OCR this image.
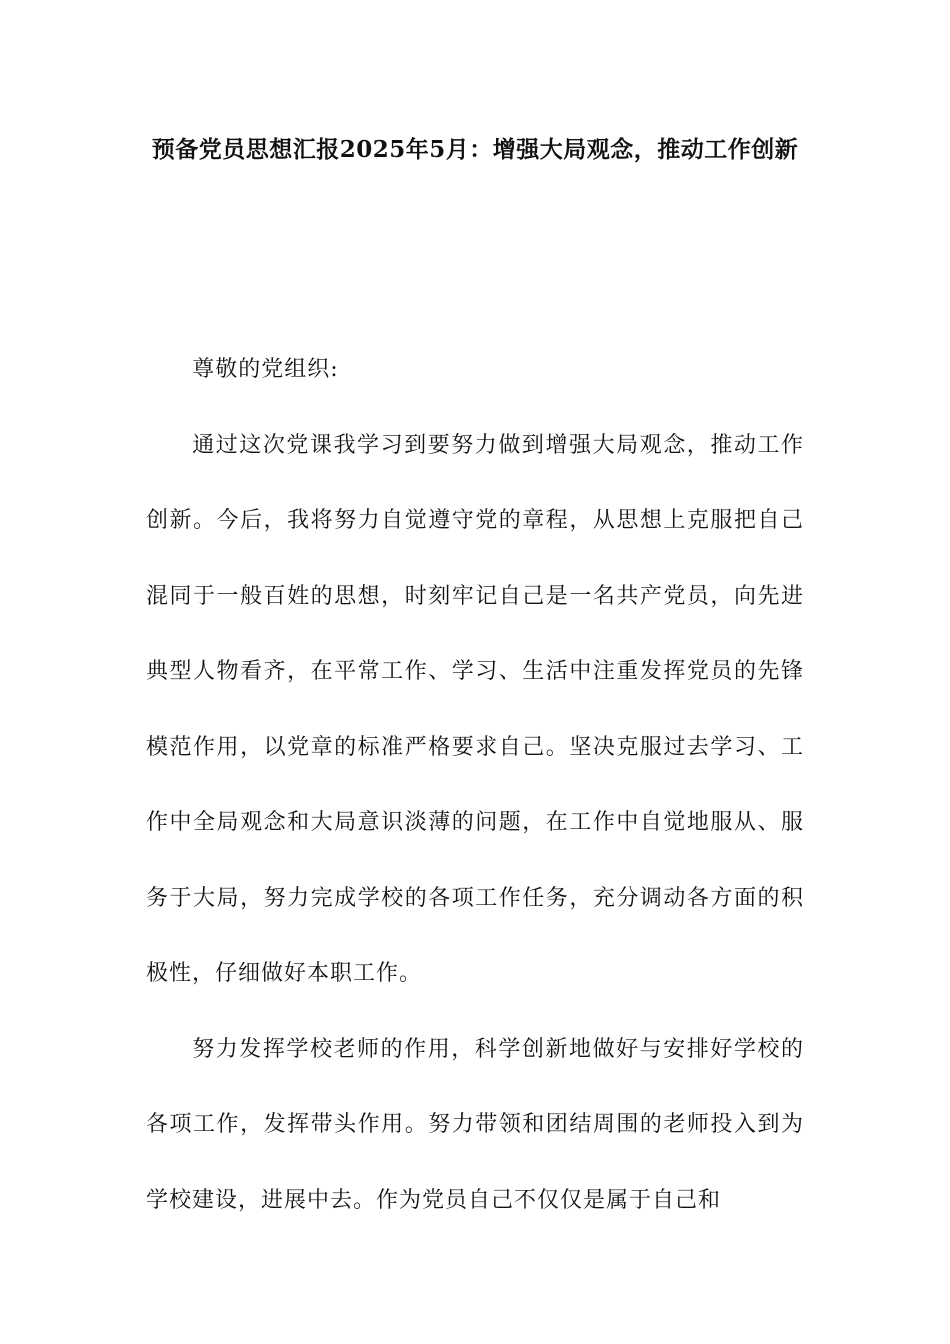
预备党员思想汇报2025年5月：增强大局观念，推动工作创新

尊敬的党组织:

通过这次党课我学习到要努力做到增强大局观念，推动工作创新。今后，我将努力自觉遵守党的章程，从思想上克服把自己混同于一般百姓的思想，时刻牢记自己是一名共产党员，向先进典型人物看齐，在平常工作、学习、生活中注重发挥党员的先锋模范作用，以党章的标准严格要求自己。坚决克服过去学习、工作中全局观念和大局意识淡薄的问题，在工作中自觉地服从、服务于大局，努力完成学校的各项工作任务，充分调动各方面的积极性，仔细做好本职工作。

努力发挥学校老师的作用，科学创新地做好与安排好学校的各项工作，发挥带头作用。努力带领和团结周围的老师投入到为学校建设，进展中去。作为党员自己不仅仅是属于自己和
